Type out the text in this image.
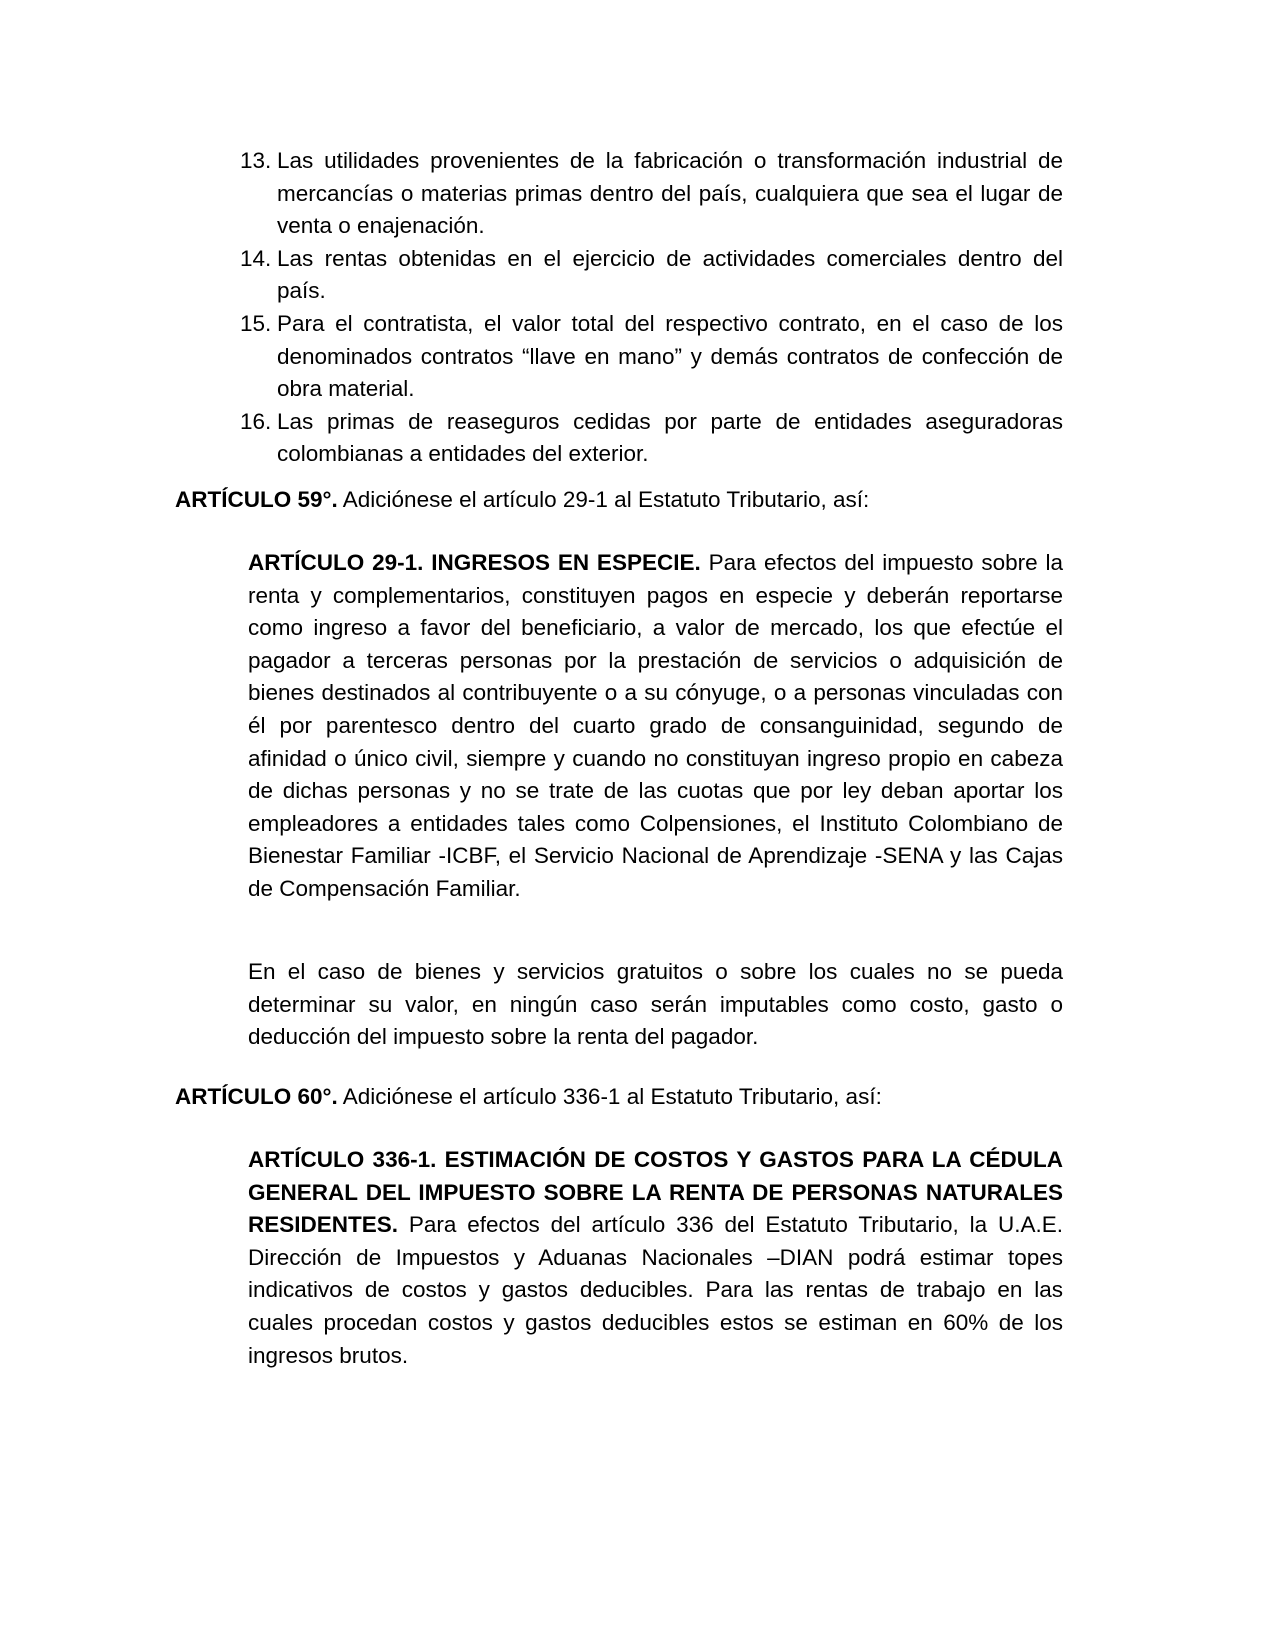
13. Las utilidades provenientes de la fabricación o transformación industrial de mercancías o materias primas dentro del país, cualquiera que sea el lugar de venta o enajenación.
14. Las rentas obtenidas en el ejercicio de actividades comerciales dentro del país.
15. Para el contratista, el valor total del respectivo contrato, en el caso de los denominados contratos “llave en mano” y demás contratos de confección de obra material.
16. Las primas de reaseguros cedidas por parte de entidades aseguradoras colombianas a entidades del exterior.
ARTÍCULO 59°. Adiciónese el artículo 29-1 al Estatuto Tributario, así:
ARTÍCULO 29-1. INGRESOS EN ESPECIE. Para efectos del impuesto sobre la renta y complementarios, constituyen pagos en especie y deberán reportarse como ingreso a favor del beneficiario, a valor de mercado, los que efectúe el pagador a terceras personas por la prestación de servicios o adquisición de bienes destinados al contribuyente o a su cónyuge, o a personas vinculadas con él por parentesco dentro del cuarto grado de consanguinidad, segundo de afinidad o único civil, siempre y cuando no constituyan ingreso propio en cabeza de dichas personas y no se trate de las cuotas que por ley deban aportar los empleadores a entidades tales como Colpensiones, el Instituto Colombiano de Bienestar Familiar -ICBF, el Servicio Nacional de Aprendizaje -SENA y las Cajas de Compensación Familiar.
En el caso de bienes y servicios gratuitos o sobre los cuales no se pueda determinar su valor, en ningún caso serán imputables como costo, gasto o deducción del impuesto sobre la renta del pagador.
ARTÍCULO 60°. Adiciónese el artículo 336-1 al Estatuto Tributario, así:
ARTÍCULO 336-1. ESTIMACIÓN DE COSTOS Y GASTOS PARA LA CÉDULA GENERAL DEL IMPUESTO SOBRE LA RENTA DE PERSONAS NATURALES RESIDENTES. Para efectos del artículo 336 del Estatuto Tributario, la U.A.E. Dirección de Impuestos y Aduanas Nacionales –DIAN podrá estimar topes indicativos de costos y gastos deducibles. Para las rentas de trabajo en las cuales procedan costos y gastos deducibles estos se estiman en 60% de los ingresos brutos.
